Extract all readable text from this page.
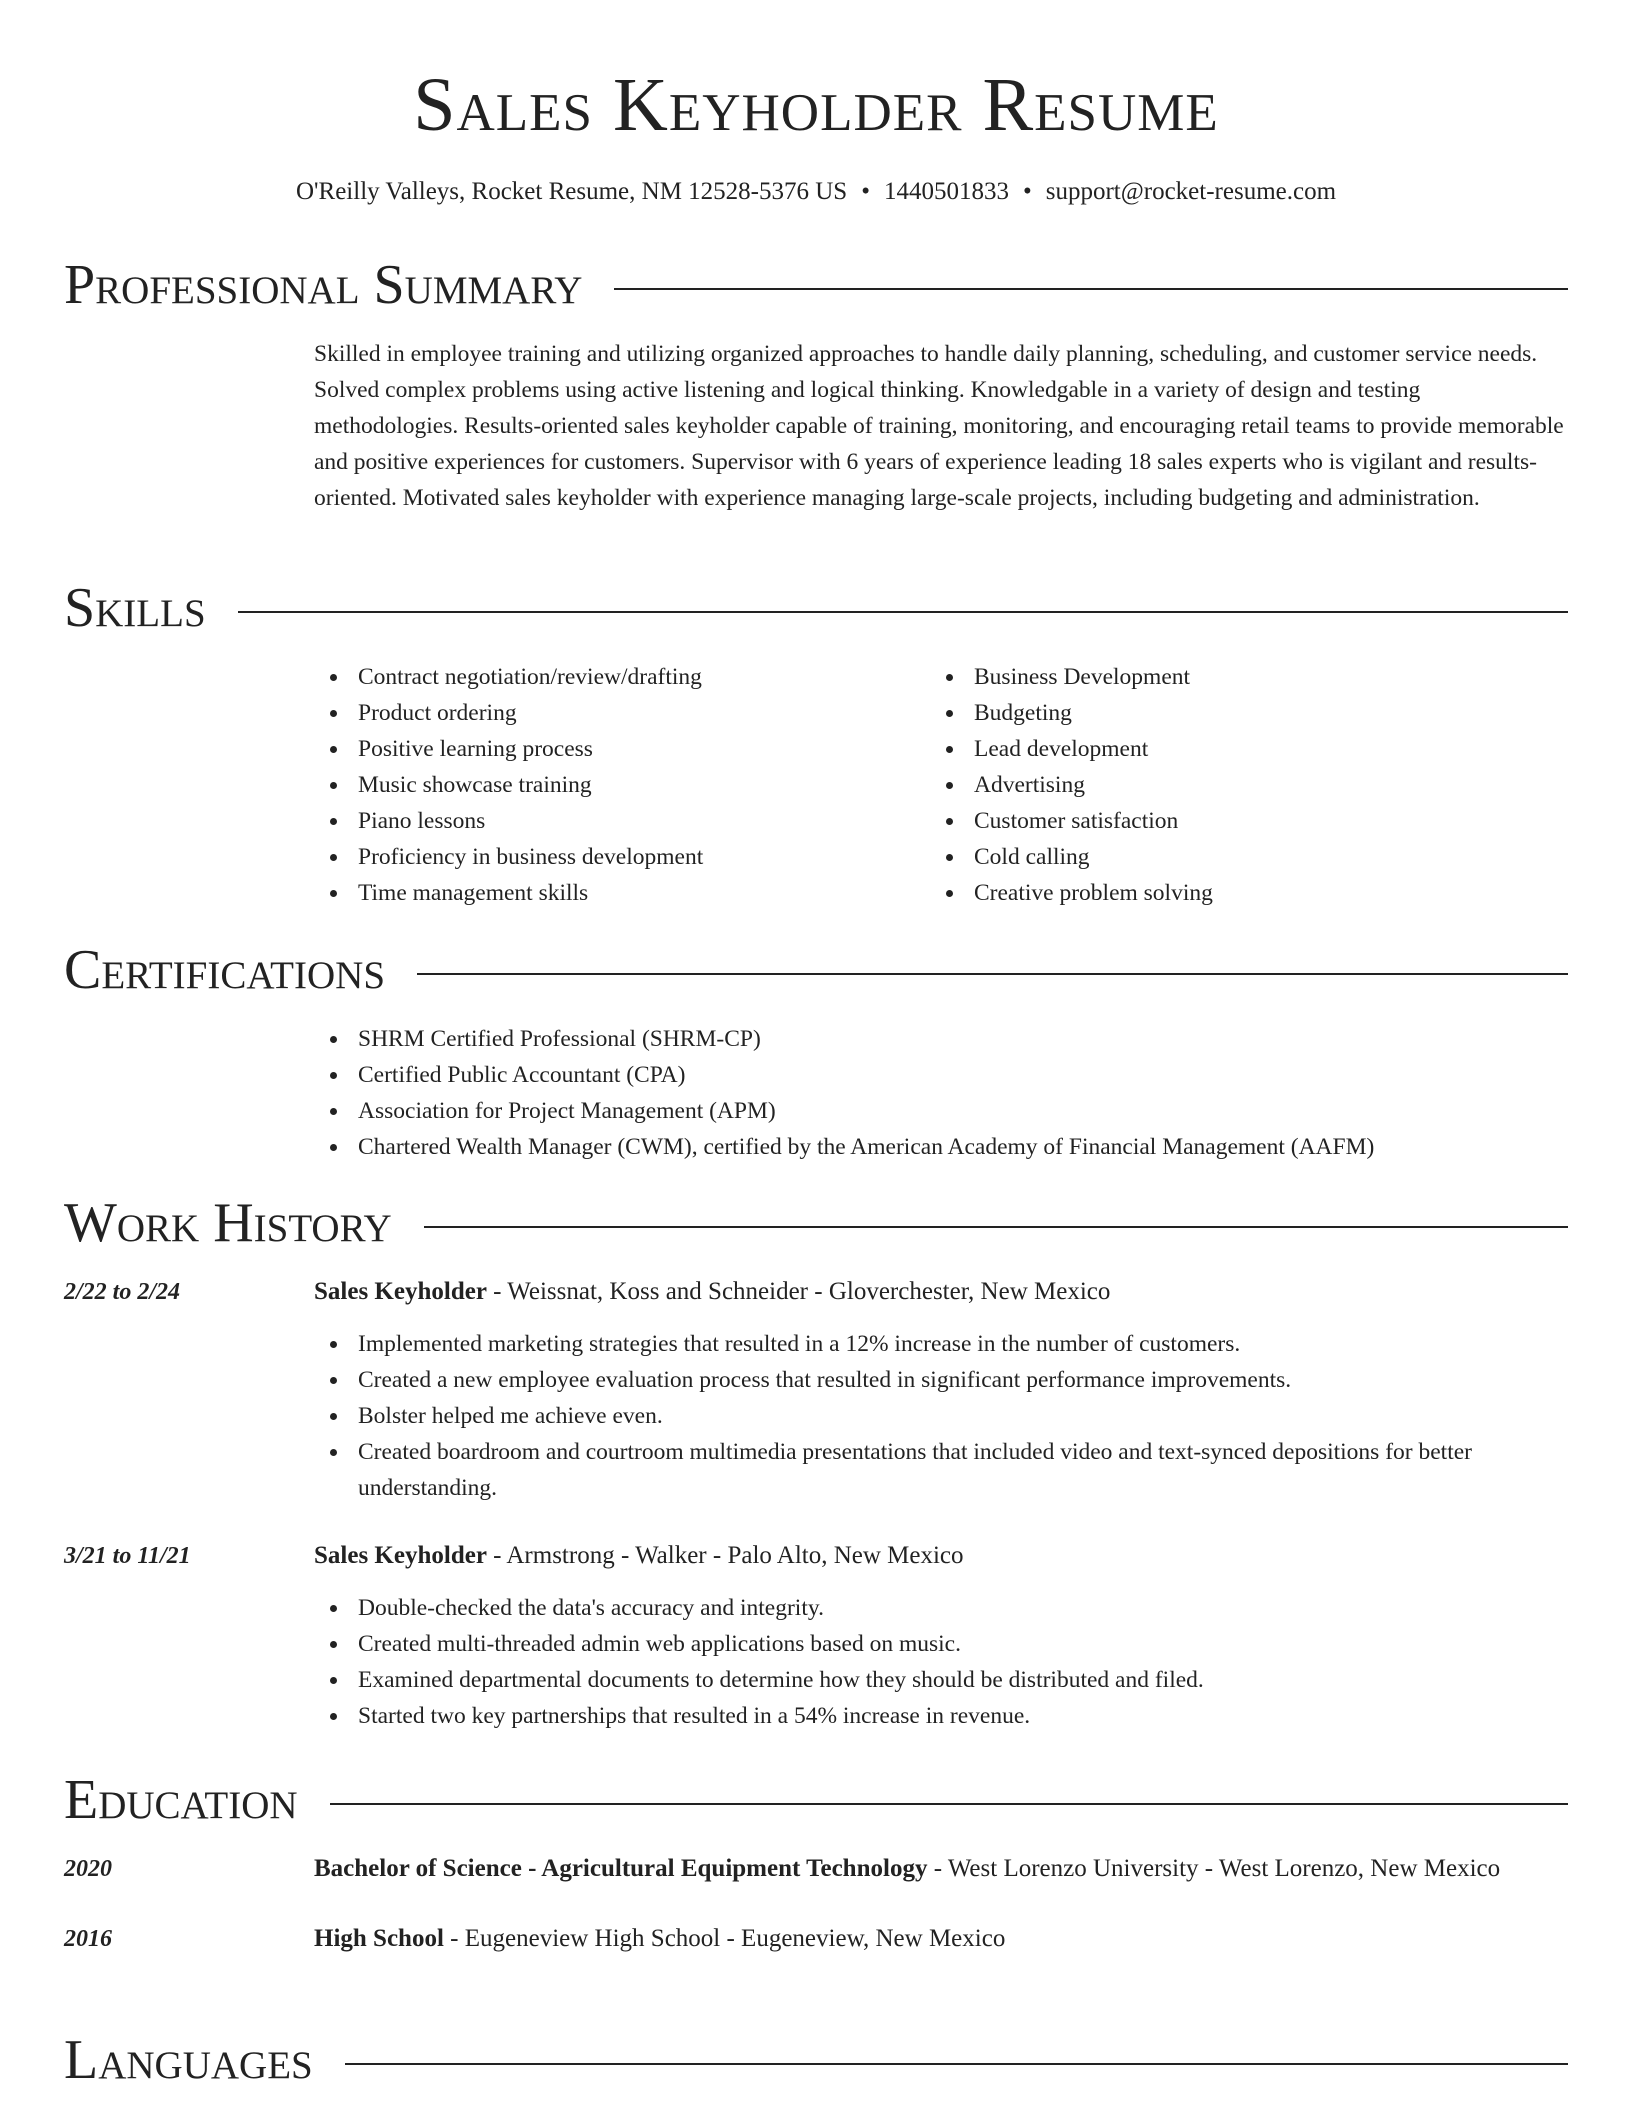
Sales Keyholder Resume
O'Reilly Valleys, Rocket Resume, NM 12528-5376 US • 1440501833 • support@rocket-resume.com
Professional Summary

Skilled in employee training and utilizing organized approaches to handle daily planning, scheduling, and customer service needs. Solved complex problems using active listening and logical thinking. Knowledgable in a variety of design and testing methodologies. Results-oriented sales keyholder capable of training, monitoring, and encouraging retail teams to provide memorable and positive experiences for customers. Supervisor with 6 years of experience leading 18 sales experts who is vigilant and results-oriented. Motivated sales keyholder with experience managing large-scale projects, including budgeting and administration.

Skills
Contract negotiation/review/drafting
Product ordering
Positive learning process
Music showcase training
Piano lessons
Proficiency in business development
Time management skills
Business Development
Budgeting
Lead development
Advertising
Customer satisfaction
Cold calling
Creative problem solving
Certifications
SHRM Certified Professional (SHRM-CP)
Certified Public Accountant (CPA)
Association for Project Management (APM)
Chartered Wealth Manager (CWM), certified by the American Academy of Financial Management (AAFM)
Work History
2/22 to 2/24	Sales Keyholder - Weissnat, Koss and Schneider - Gloverchester, New Mexico
Implemented marketing strategies that resulted in a 12% increase in the number of customers.
Created a new employee evaluation process that resulted in significant performance improvements.
Bolster helped me achieve even.
Created boardroom and courtroom multimedia presentations that included video and text-synced depositions for better understanding.
3/21 to 11/21	Sales Keyholder - Armstrong - Walker - Palo Alto, New Mexico
Double-checked the data's accuracy and integrity.
Created multi-threaded admin web applications based on music.
Examined departmental documents to determine how they should be distributed and filed.
Started two key partnerships that resulted in a 54% increase in revenue.
Education
2020	Bachelor of Science - Agricultural Equipment Technology - West Lorenzo University - West Lorenzo, New Mexico
2016	High School - Eugeneview High School - Eugeneview, New Mexico
Languages
